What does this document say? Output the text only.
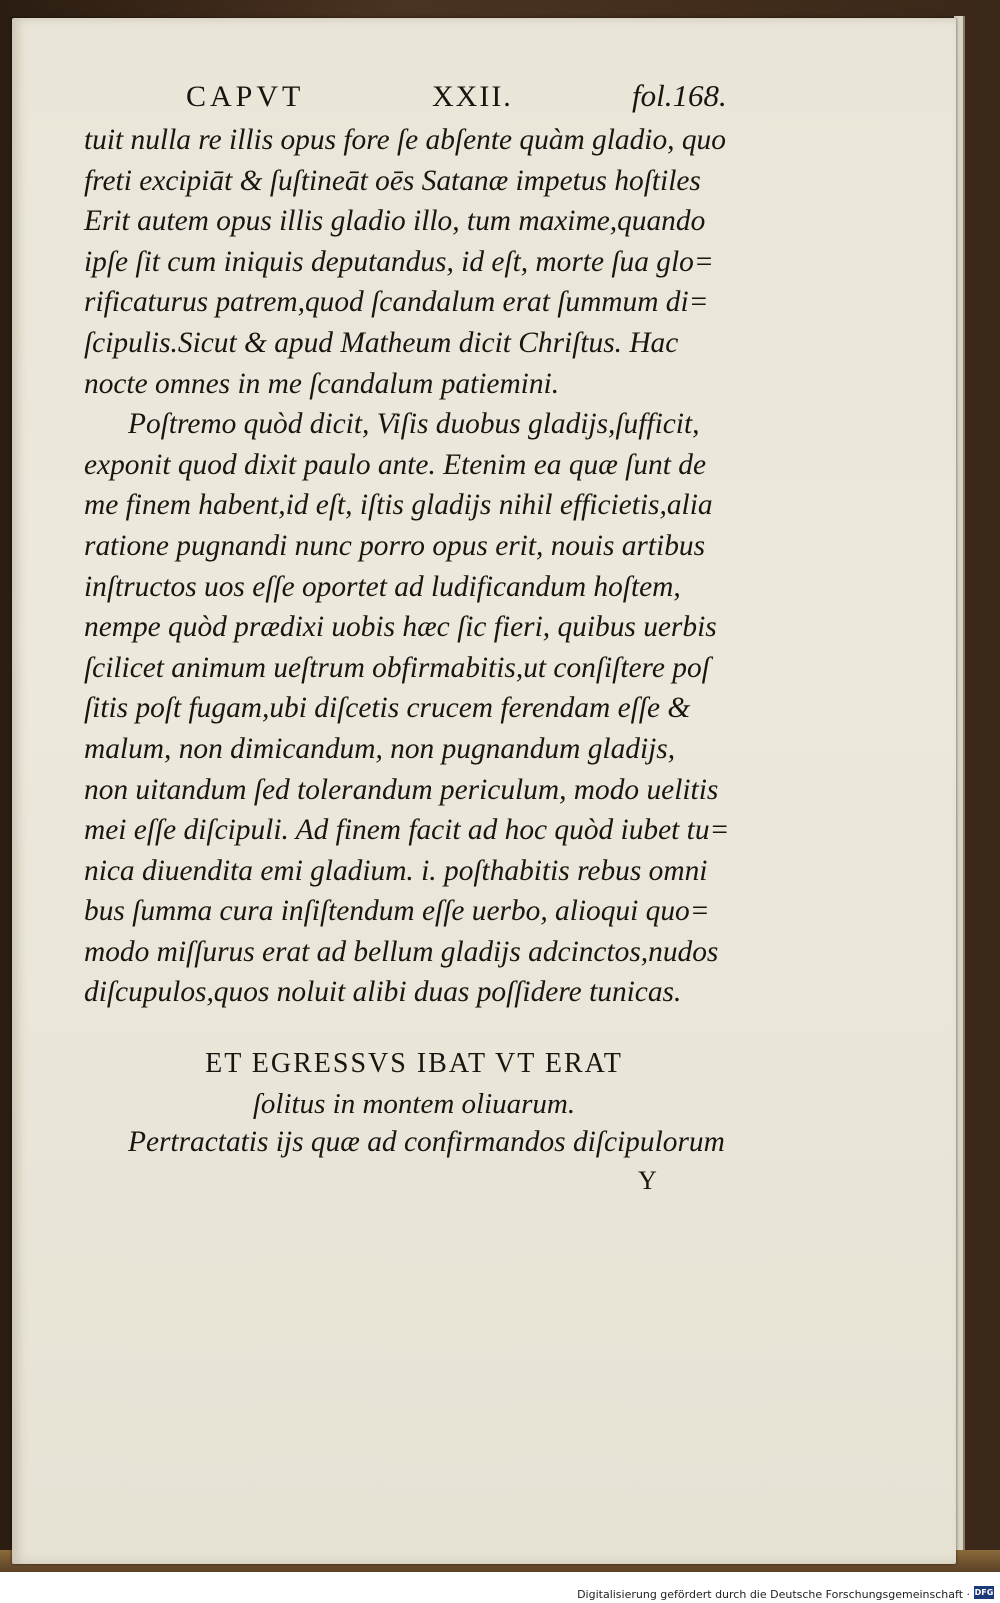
CAPVT	XXII.	fol.168.
tuit nulla re illis opus fore ſe abſente quàm gladio, quo
freti excipiāt & ſuſtineāt oēs Satanæ impetus hoſtiles
Erit autem opus illis gladio illo, tum maxime,quando
ipſe ſit cum iniquis deputandus, id eſt, morte ſua glo=
rificaturus patrem,quod ſcandalum erat ſummum di=
ſcipulis.Sicut & apud Matheum dicit Chriſtus. Hac
nocte omnes in me ſcandalum patiemini.
Poſtremo quòd dicit, Viſis duobus gladijs,ſufficit,
exponit quod dixit paulo ante. Etenim ea quæ ſunt de
me finem habent,id eſt, iſtis gladijs nihil efficietis,alia
ratione pugnandi nunc porro opus erit, nouis artibus
inſtructos uos eſſe oportet ad ludificandum hoſtem,
nempe quòd prædixi uobis hæc ſic fieri, quibus uerbis
ſcilicet animum ueſtrum obfirmabitis,ut conſiſtere poſ
ſitis poſt fugam,ubi diſcetis crucem ferendam eſſe &
malum, non dimicandum, non pugnandum gladijs,
non uitandum ſed tolerandum periculum, modo uelitis
mei eſſe diſcipuli. Ad finem facit ad hoc quòd iubet tu=
nica diuendita emi gladium. i. poſthabitis rebus omni
bus ſumma cura inſiſtendum eſſe uerbo, alioqui quo=
modo miſſurus erat ad bellum gladijs adcinctos,nudos
diſcupulos,quos noluit alibi duas poſſidere tunicas.
ET EGRESSVS IBAT VT ERAT
ſolitus in montem oliuarum.
Pertractatis ijs quæ ad confirmandos diſcipulorum
Y
Digitalisierung gefördert durch die Deutsche Forschungsgemeinschaft · DFG
